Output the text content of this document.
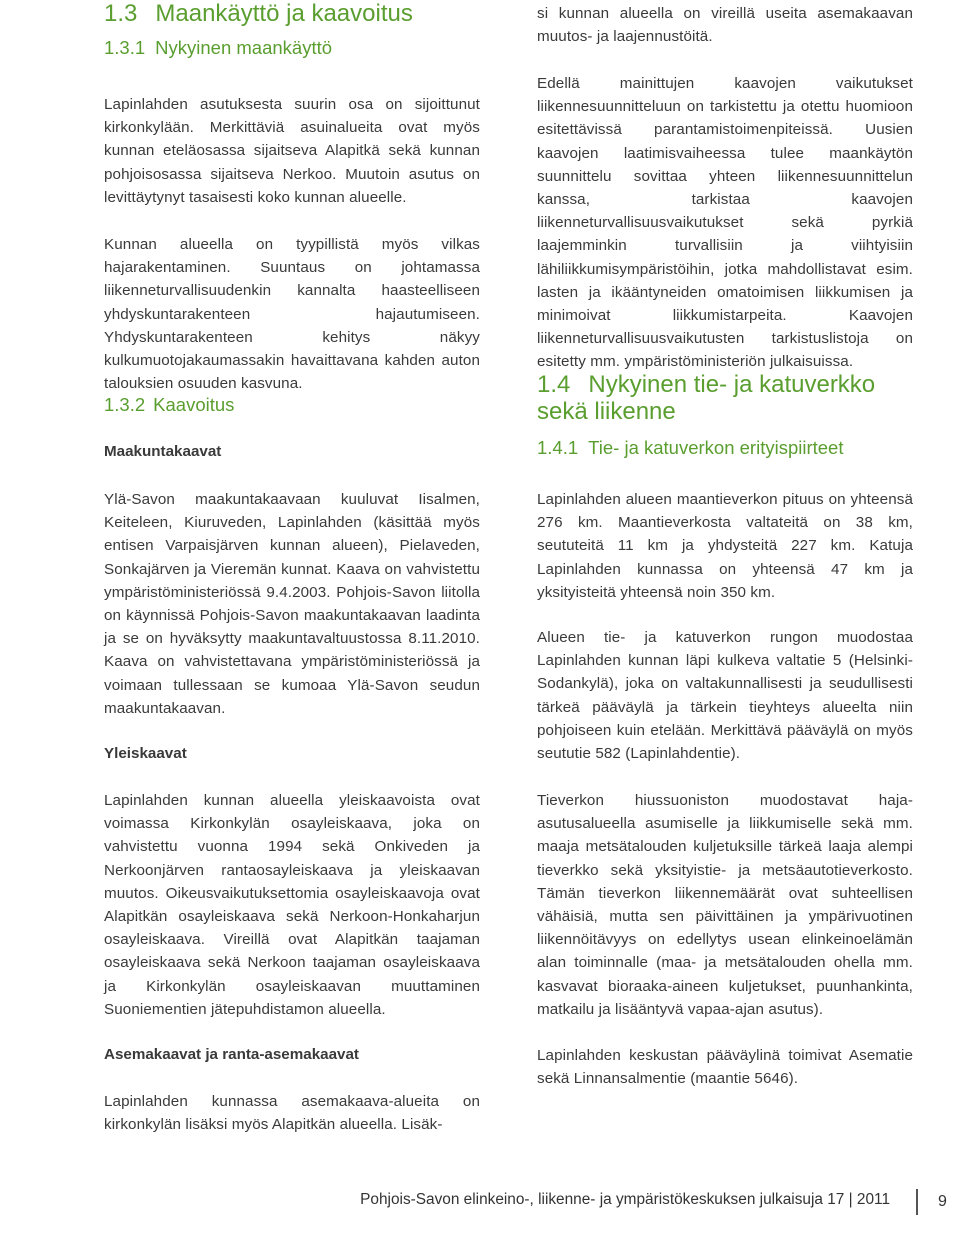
1.3 Maankäyttö ja kaavoitus
1.3.1 Nykyinen maankäyttö

Lapinlahden asutuksesta suurin osa on sijoittunut kirkonkylään. Merkittäviä asuinalueita ovat myös kunnan eteläosassa sijaitseva Alapitkä sekä kunnan pohjoisosassa sijaitseva Nerkoo. Muutoin asutus on levittäytynyt tasaisesti koko kunnan alueelle.

Kunnan alueella on tyypillistä myös vilkas hajarakentaminen. Suuntaus on johtamassa liikenneturvallisuudenkin kannalta haasteelliseen yhdyskuntarakenteen hajautumiseen. Yhdyskuntarakenteen kehitys näkyy kulkumuotojakaumassakin havaittavana kahden auton talouksien osuuden kasvuna.

1.3.2 Kaavoitus
Maakuntakaavat

Ylä-Savon maakuntakaavaan kuuluvat Iisalmen, Keiteleen, Kiuruveden, Lapinlahden (käsittää myös entisen Varpaisjärven kunnan alueen), Pielaveden, Sonkajärven ja Vieremän kunnat. Kaava on vahvistettu ympäristöministeriössä 9.4.2003. Pohjois-Savon liitolla on käynnissä Pohjois-Savon maakuntakaavan laadinta ja se on hyväksytty maakuntavaltuustossa 8.11.2010. Kaava on vahvistettavana ympäristöministeriössä ja voimaan tullessaan se kumoaa Ylä-Savon seudun maakuntakaavan.

Yleiskaavat

Lapinlahden kunnan alueella yleiskaavoista ovat voimassa Kirkonkylän osayleiskaava, joka on vahvistettu vuonna 1994 sekä Onkiveden ja Nerkoonjärven rantaosayleiskaava ja yleiskaavan muutos. Oikeusvaikutuksettomia osayleiskaavoja ovat Alapitkän osayleiskaava sekä Nerkoon-Honkaharjun osayleiskaava. Vireillä ovat Alapitkän taajaman osayleiskaava sekä Nerkoon taajaman osayleiskaava ja Kirkonkylän osayleiskaavan muuttaminen Suoniementien jätepuhdistamon alueella.

Asemakaavat ja ranta-asemakaavat

Lapinlahden kunnassa asemakaava-alueita on kirkonkylän lisäksi myös Alapitkän alueella. Lisäk-

si kunnan alueella on vireillä useita asemakaavan muutos- ja laajennustöitä.

Edellä mainittujen kaavojen vaikutukset liikennesuunnitteluun on tarkistettu ja otettu huomioon esitettävissä parantamistoimenpiteissä. Uusien kaavojen laatimisvaiheessa tulee maankäytön suunnittelu sovittaa yhteen liikennesuunnittelun kanssa, tarkistaa kaavojen liikenneturvallisuusvaikutukset sekä pyrkiä laajemminkin turvallisiin ja viihtyisiin lähiliikkumisympäristöihin, jotka mahdollistavat esim. lasten ja ikääntyneiden omatoimisen liikkumisen ja minimoivat liikkumistarpeita. Kaavojen liikenneturvallisuusvaikutusten tarkistuslistoja on esitetty mm. ympäristöministeriön julkaisuissa.

1.4 Nykyinen tie- ja katuverkko
sekä liikenne
1.4.1 Tie- ja katuverkon erityispiirteet

Lapinlahden alueen maantieverkon pituus on yhteensä 276 km. Maantieverkosta valtateitä on 38 km, seututeitä 11 km ja yhdysteitä 227 km. Katuja Lapinlahden kunnassa on yhteensä 47 km ja yksityisteitä yhteensä noin 350 km.

Alueen tie- ja katuverkon rungon muodostaa Lapinlahden kunnan läpi kulkeva valtatie 5 (Helsinki-Sodankylä), joka on valtakunnallisesti ja seudullisesti tärkeä pääväylä ja tärkein tieyhteys alueelta niin pohjoiseen kuin etelään. Merkittävä pääväylä on myös seututie 582 (Lapinlahdentie).

Tieverkon hiussuoniston muodostavat haja-asutusalueella asumiselle ja liikkumiselle sekä mm. maaja metsätalouden kuljetuksille tärkeä laaja alempi tieverkko sekä yksityistie- ja metsäautotieverkosto. Tämän tieverkon liikennemäärät ovat suhteellisen vähäisiä, mutta sen päivittäinen ja ympärivuotinen liikennöitävyys on edellytys usean elinkeinoelämän alan toiminnalle (maa- ja metsätalouden ohella mm. kasvavat bioraaka-aineen kuljetukset, puunhankinta, matkailu ja lisääntyvä vapaa-ajan asutus).

Lapinlahden keskustan pääväylinä toimivat Asematie sekä Linnansalmentie (maantie 5646).

Pohjois-Savon elinkeino-, liikenne- ja ympäristökeskuksen julkaisuja 17 | 2011	9
